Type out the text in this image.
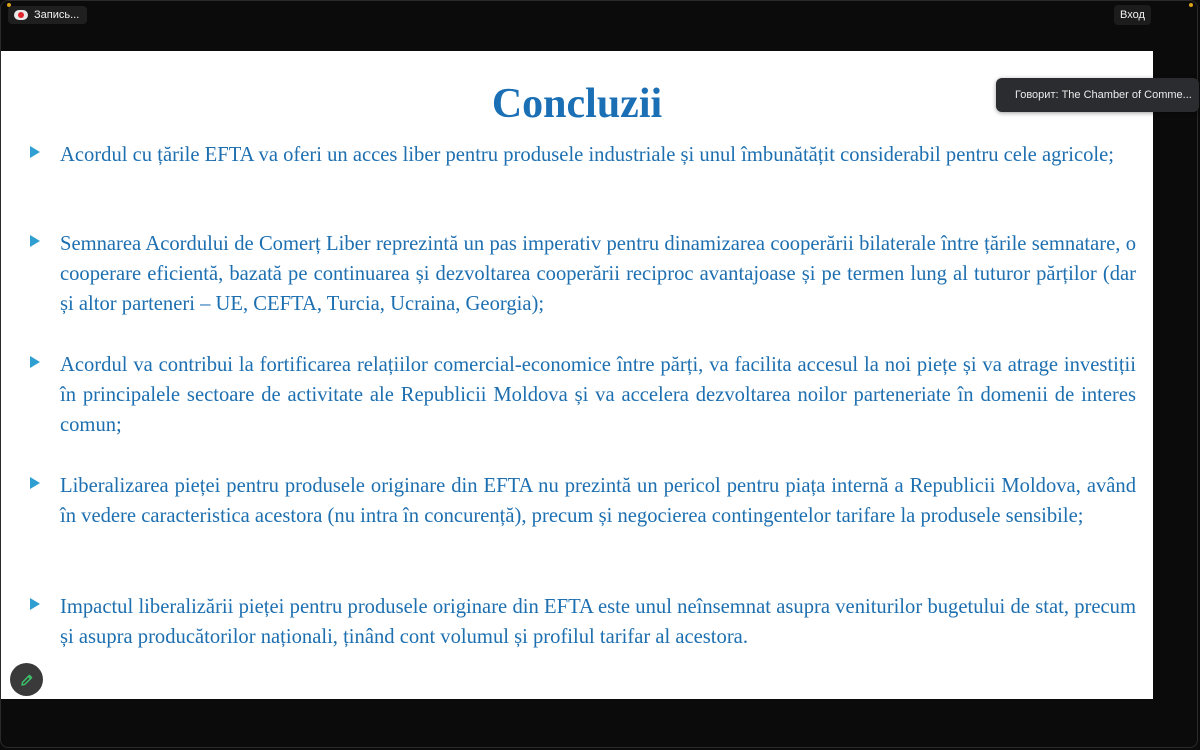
Запись...	Вход
Concluzii
Acordul cu țările EFTA va oferi un acces liber pentru produsele industriale și unul îmbunătățit considerabil pentru cele agricole;
Semnarea Acordului de Comerț Liber reprezintă un pas imperativ pentru dinamizarea cooperării bilaterale între țările semnatare, o cooperare eficientă, bazată pe continuarea și dezvoltarea cooperării reciproc avantajoase și pe termen lung al tuturor părților (dar și altor parteneri – UE, CEFTA, Turcia, Ucraina, Georgia);
Acordul va contribui la fortificarea relațiilor comercial-economice între părți, va facilita accesul la noi piețe și va atrage investiții în principalele sectoare de activitate ale Republicii Moldova și va accelera dezvoltarea noilor parteneriate în domenii de interes comun;
Liberalizarea pieței pentru produsele originare din EFTA nu prezintă un pericol pentru piața internă a Republicii Moldova, având în vedere caracteristica acestora (nu intra în concurență), precum și negocierea contingentelor tarifare la produsele sensibile;
Impactul liberalizării pieței pentru produsele originare din EFTA este unul neînsemnat asupra veniturilor bugetului de stat, precum și asupra producătorilor naționali, ținând cont volumul și profilul tarifar al acestora.
Говорит: The Chamber of Comme...
